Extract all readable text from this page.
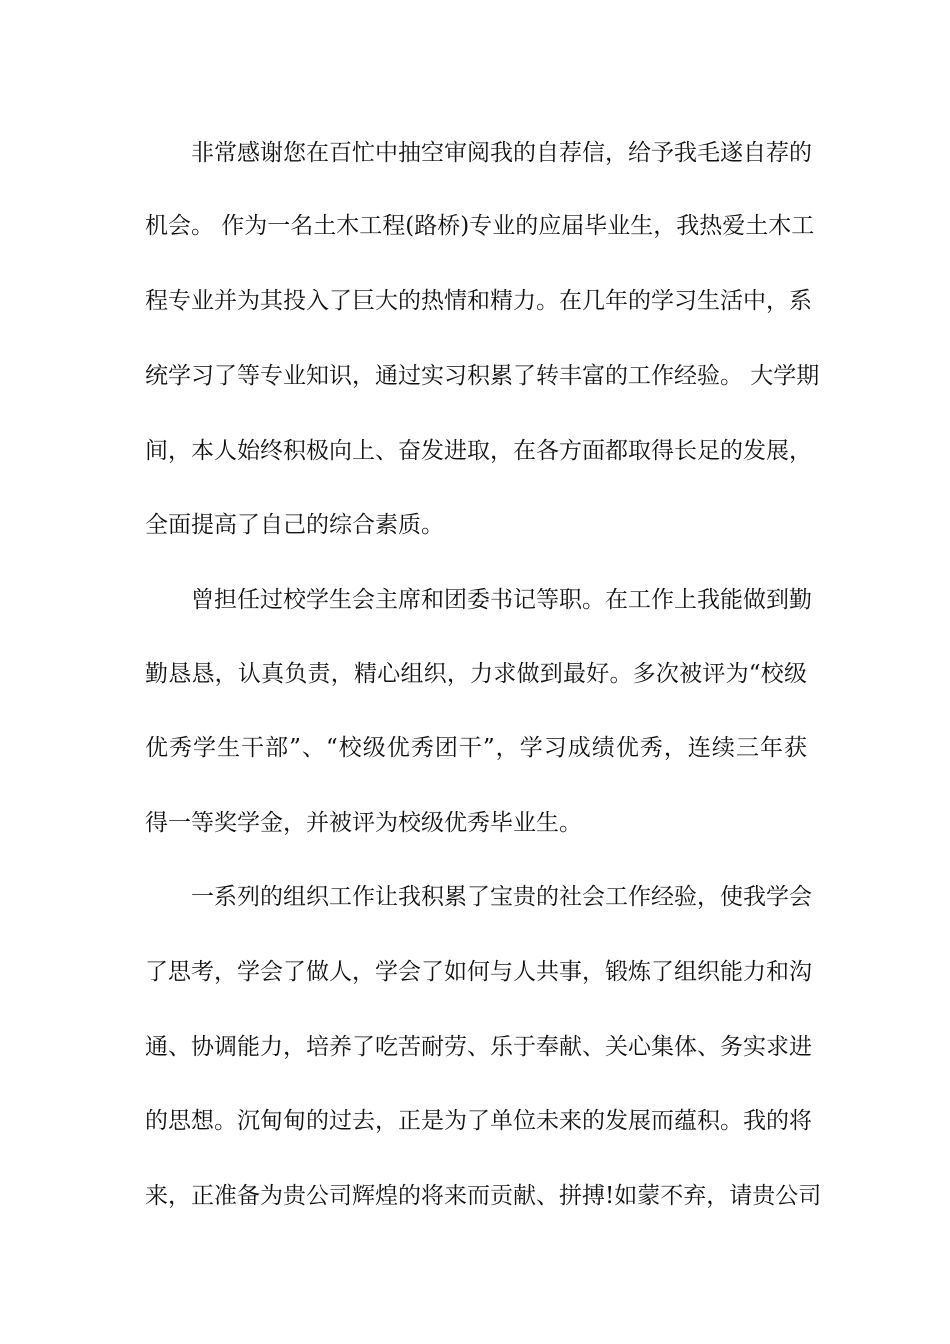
非常感谢您在百忙中抽空审阅我的自荐信，给予我毛遂自荐的
机会。 作为一名土木工程(路桥)专业的应届毕业生，我热爱土木工
程专业并为其投入了巨大的热情和精力。在几年的学习生活中，系
统学习了等专业知识，通过实习积累了转丰富的工作经验。 大学期
间，本人始终积极向上、奋发进取，在各方面都取得长足的发展，
全面提高了自己的综合素质。
曾担任过校学生会主席和团委书记等职。在工作上我能做到勤
勤恳恳，认真负责，精心组织，力求做到最好。多次被评为“校级
优秀学生干部”、“校级优秀团干”，学习成绩优秀，连续三年获
得一等奖学金，并被评为校级优秀毕业生。
一系列的组织工作让我积累了宝贵的社会工作经验，使我学会
了思考，学会了做人，学会了如何与人共事，锻炼了组织能力和沟
通、协调能力，培养了吃苦耐劳、乐于奉献、关心集体、务实求进
的思想。沉甸甸的过去，正是为了单位未来的发展而蕴积。我的将
来，正准备为贵公司辉煌的将来而贡献、拼搏!如蒙不弃，请贵公司
